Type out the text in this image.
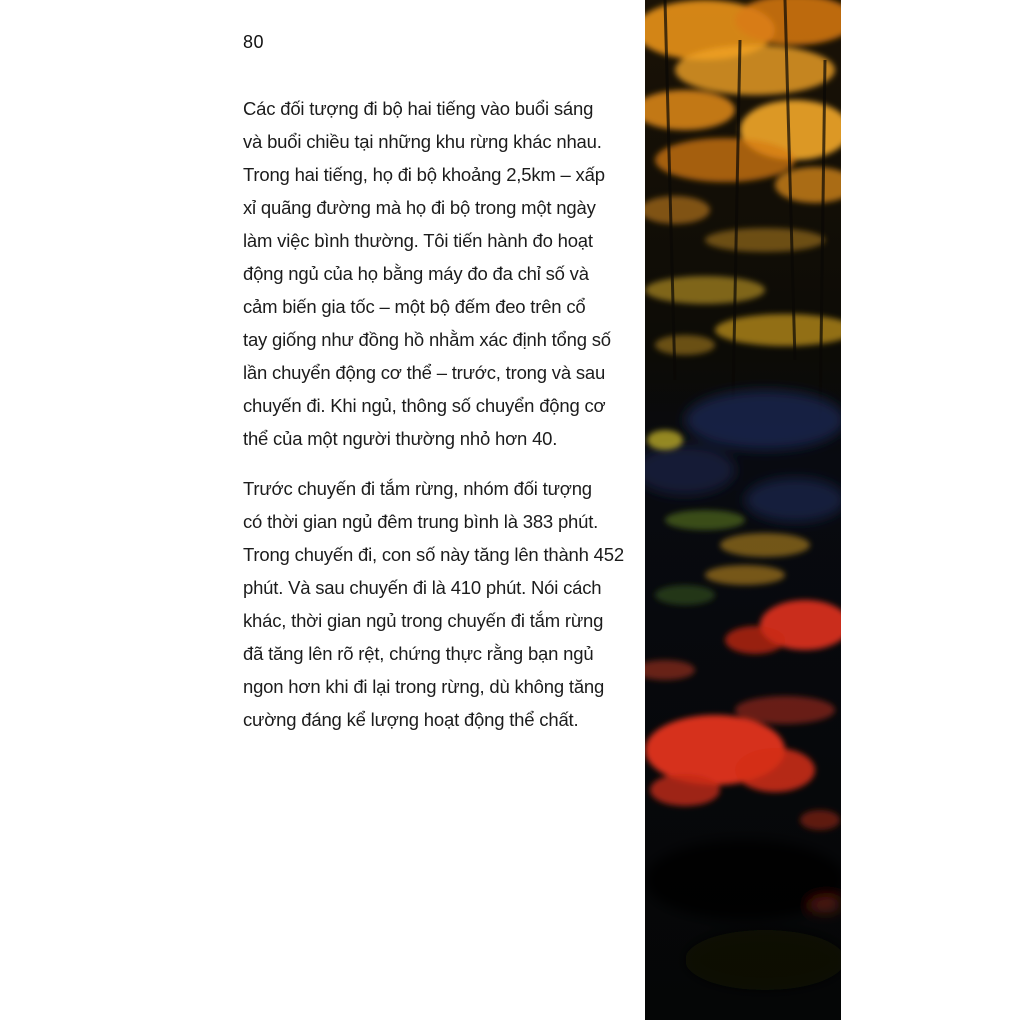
80

Các đối tượng đi bộ hai tiếng vào buổi sáng
và buổi chiều tại những khu rừng khác nhau.
Trong hai tiếng, họ đi bộ khoảng 2,5km – xấp
xỉ quãng đường mà họ đi bộ trong một ngày
làm việc bình thường. Tôi tiến hành đo hoạt
động ngủ của họ bằng máy đo đa chỉ số và
cảm biến gia tốc – một bộ đếm đeo trên cổ
tay giống như đồng hồ nhằm xác định tổng số
lần chuyển động cơ thể – trước, trong và sau
chuyến đi. Khi ngủ, thông số chuyển động cơ
thể của một người thường nhỏ hơn 40.

Trước chuyến đi tắm rừng, nhóm đối tượng
có thời gian ngủ đêm trung bình là 383 phút.
Trong chuyến đi, con số này tăng lên thành 452
phút. Và sau chuyến đi là 410 phút. Nói cách
khác, thời gian ngủ trong chuyến đi tắm rừng
đã tăng lên rõ rệt, chứng thực rằng bạn ngủ
ngon hơn khi đi lại trong rừng, dù không tăng
cường đáng kể lượng hoạt động thể chất.
